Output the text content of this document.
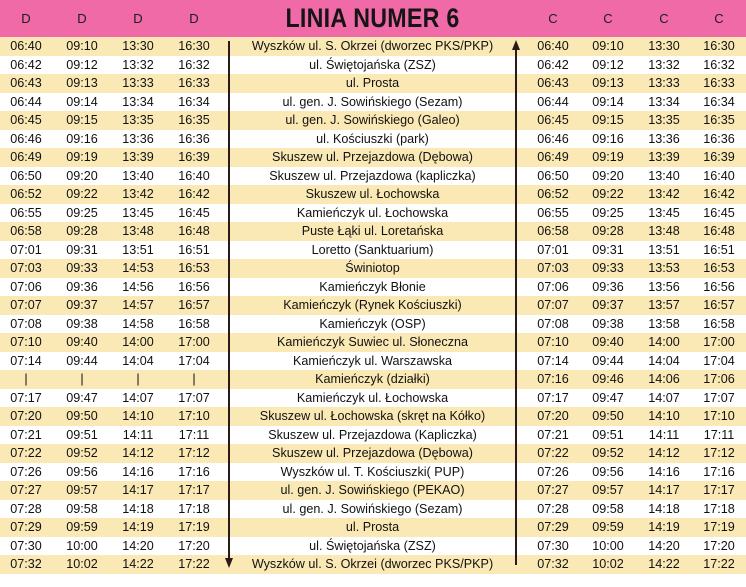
D	D	D	D	LINIA NUMER 6	C	C	C	C
06:40	09:10	13:30	16:30	Wyszków ul. S. Okrzei (dworzec PKS/PKP)	06:40	09:10	13:30	16:30
06:42	09:12	13:32	16:32	ul. Świętojańska (ZSZ)	06:42	09:12	13:32	16:32
06:43	09:13	13:33	16:33	ul. Prosta	06:43	09:13	13:33	16:33
06:44	09:14	13:34	16:34	ul. gen. J. Sowińskiego (Sezam)	06:44	09:14	13:34	16:34
06:45	09:15	13:35	16:35	ul. gen. J. Sowińskiego (Galeo)	06:45	09:15	13:35	16:35
06:46	09:16	13:36	16:36	ul. Kościuszki (park)	06:46	09:16	13:36	16:36
06:49	09:19	13:39	16:39	Skuszew ul. Przejazdowa (Dębowa)	06:49	09:19	13:39	16:39
06:50	09:20	13:40	16:40	Skuszew ul. Przejazdowa (kapliczka)	06:50	09:20	13:40	16:40
06:52	09:22	13:42	16:42	Skuszew ul. Łochowska	06:52	09:22	13:42	16:42
06:55	09:25	13:45	16:45	Kamieńczyk ul. Łochowska	06:55	09:25	13:45	16:45
06:58	09:28	13:48	16:48	Puste Łąki ul. Loretańska	06:58	09:28	13:48	16:48
07:01	09:31	13:51	16:51	Loretto (Sanktuarium)	07:01	09:31	13:51	16:51
07:03	09:33	14:53	16:53	Świniotop	07:03	09:33	13:53	16:53
07:06	09:36	14:56	16:56	Kamieńczyk Błonie	07:06	09:36	13:56	16:56
07:07	09:37	14:57	16:57	Kamieńczyk (Rynek Kościuszki)	07:07	09:37	13:57	16:57
07:08	09:38	14:58	16:58	Kamieńczyk (OSP)	07:08	09:38	13:58	16:58
07:10	09:40	14:00	17:00	Kamieńczyk Suwiec ul. Słoneczna	07:10	09:40	14:00	17:00
07:14	09:44	14:04	17:04	Kamieńczyk ul. Warszawska	07:14	09:44	14:04	17:04
|	|	|	|	Kamieńczyk (działki)	07:16	09:46	14:06	17:06
07:17	09:47	14:07	17:07	Kamieńczyk ul. Łochowska	07:17	09:47	14:07	17:07
07:20	09:50	14:10	17:10	Skuszew ul. Łochowska (skręt na Kółko)	07:20	09:50	14:10	17:10
07:21	09:51	14:11	17:11	Skuszew ul. Przejazdowa (Kapliczka)	07:21	09:51	14:11	17:11
07:22	09:52	14:12	17:12	Skuszew ul. Przejazdowa (Dębowa)	07:22	09:52	14:12	17:12
07:26	09:56	14:16	17:16	Wyszków ul. T. Kościuszki( PUP)	07:26	09:56	14:16	17:16
07:27	09:57	14:17	17:17	ul. gen. J. Sowińskiego (PEKAO)	07:27	09:57	14:17	17:17
07:28	09:58	14:18	17:18	ul. gen. J. Sowińskiego (Sezam)	07:28	09:58	14:18	17:18
07:29	09:59	14:19	17:19	ul. Prosta	07:29	09:59	14:19	17:19
07:30	10:00	14:20	17:20	ul. Świętojańska (ZSZ)	07:30	10:00	14:20	17:20
07:32	10:02	14:22	17:22	Wyszków ul. S. Okrzei (dworzec PKS/PKP)	07:32	10:02	14:22	17:22
